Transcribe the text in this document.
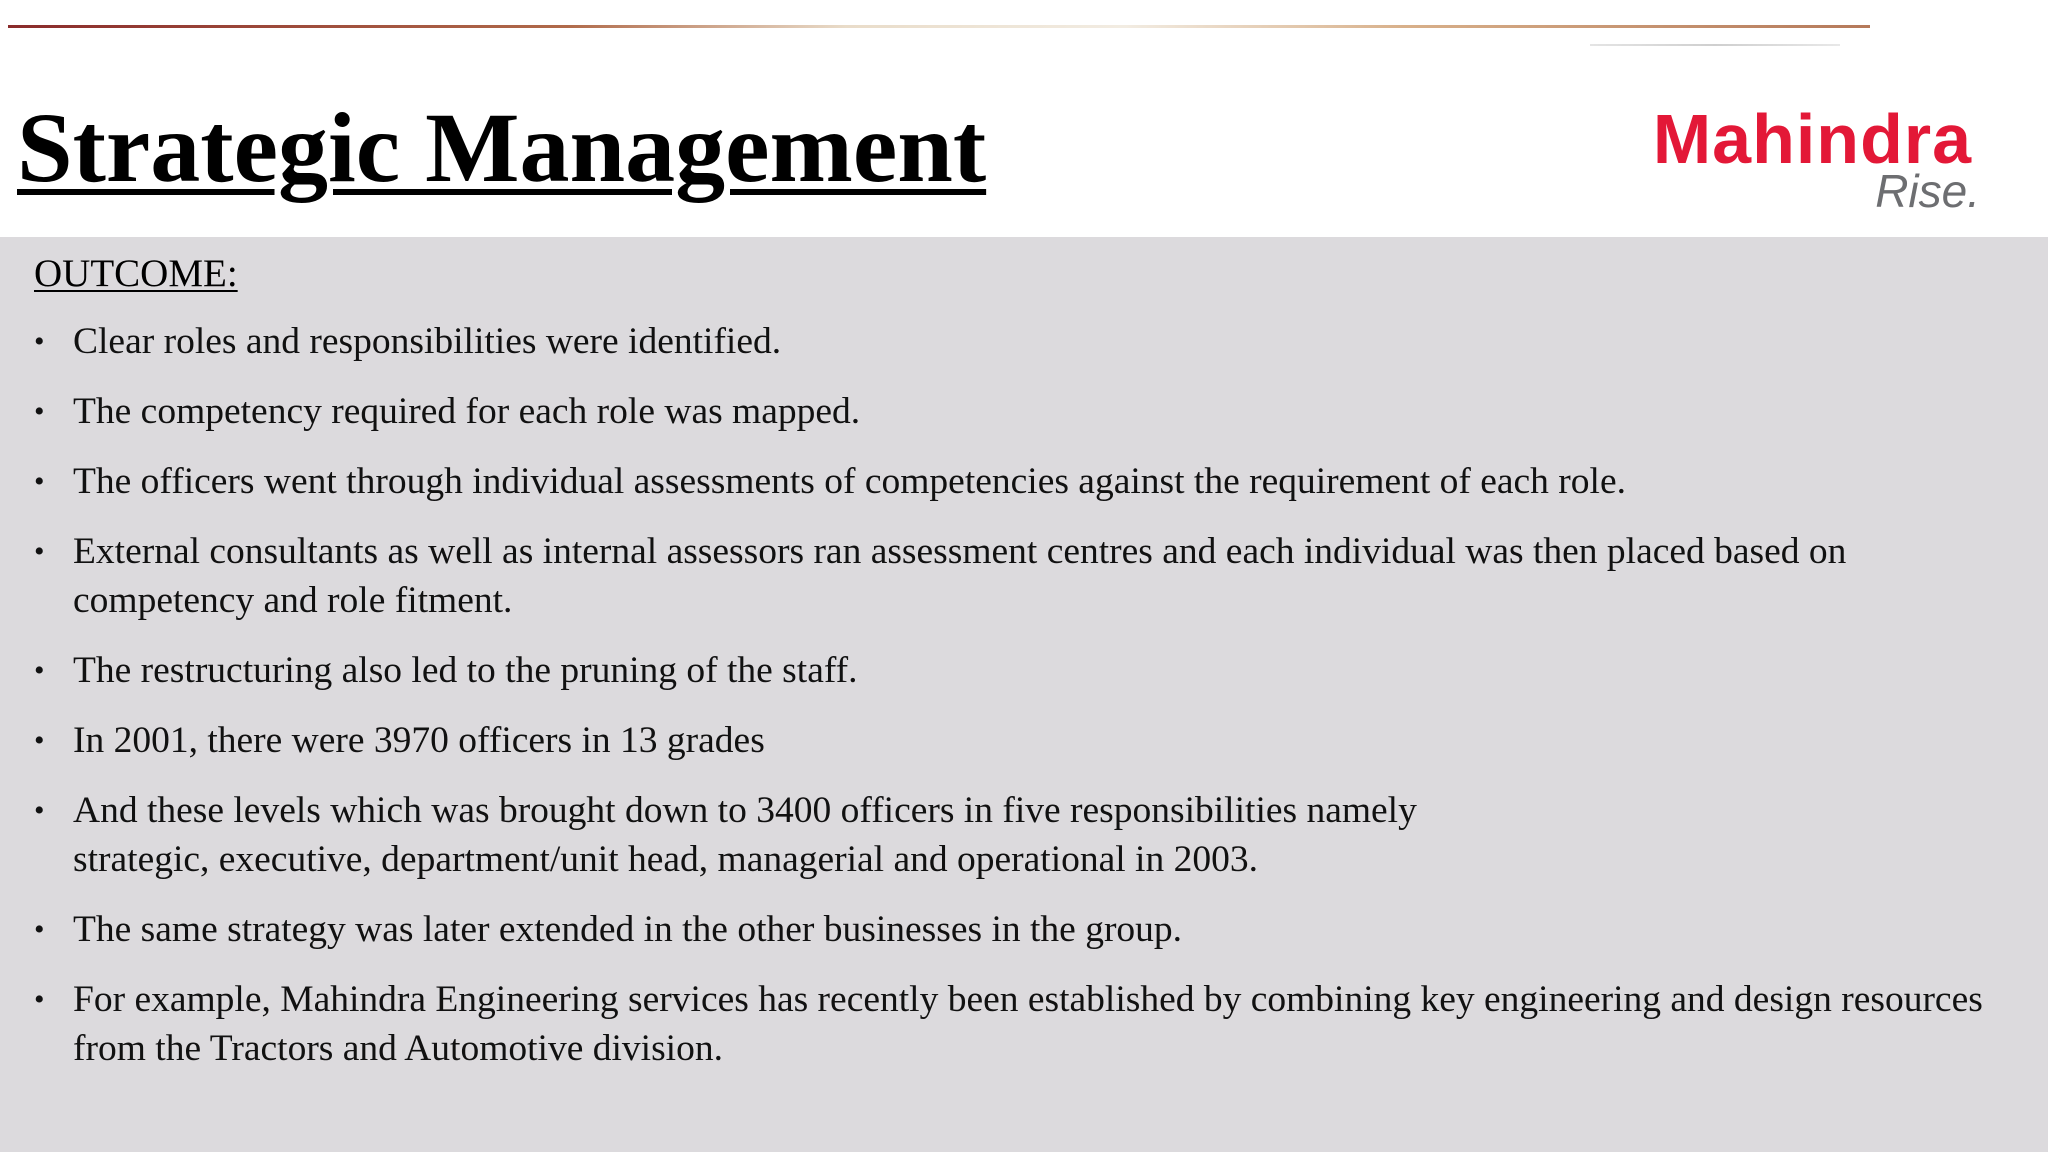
Strategic Management	Mahindra
Rise.
OUTCOME:
• Clear roles and responsibilities were identified.
• The competency required for each role was mapped.
• The officers went through individual assessments of competencies against the requirement of each role.
• External consultants as well as internal assessors ran assessment centres and each individual was then placed based on competency and role fitment.
• The restructuring also led to the pruning of the staff.
• In 2001, there were 3970 officers in 13 grades
• And these levels which was brought down to 3400 officers in five responsibilities namely strategic, executive, department/unit head, managerial and operational in 2003.
• The same strategy was later extended in the other businesses in the group.
• For example, Mahindra Engineering services has recently been established by combining key engineering and design resources from the Tractors and Automotive division.
